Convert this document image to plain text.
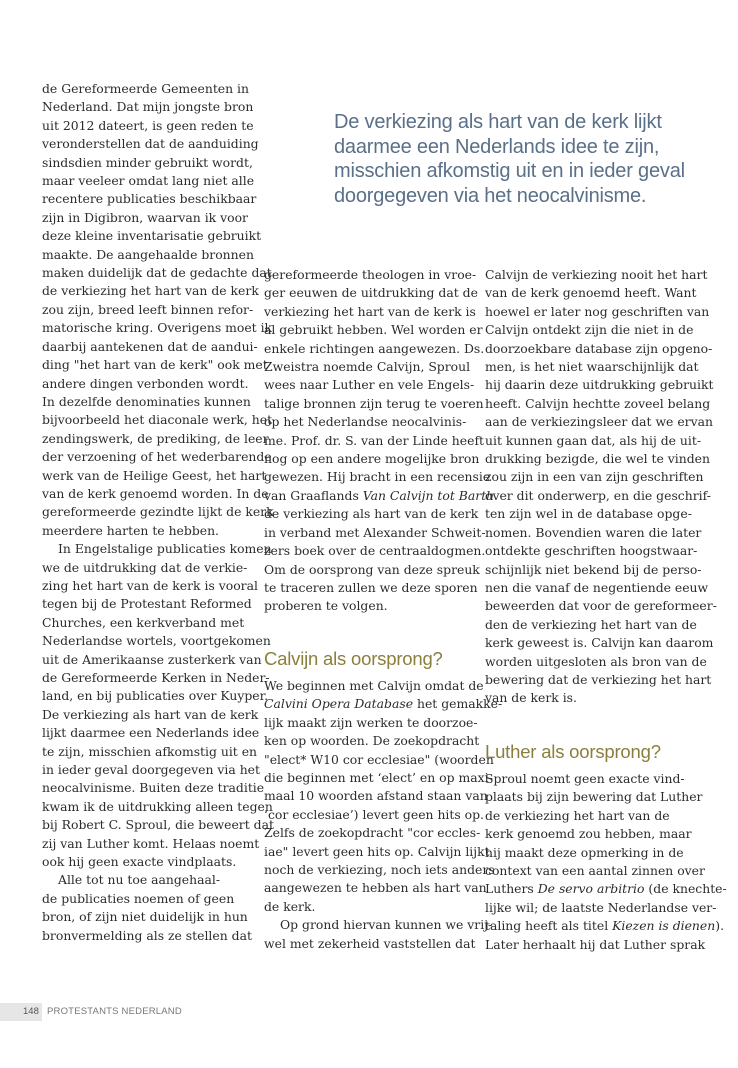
De verkiezing als hart van de kerk lijkt
daarmee een Nederlands idee te zijn,
misschien afkomstig uit en in ieder geval
doorgegeven via het neocalvinisme.
de Gereformeerde Gemeenten in
Nederland. Dat mijn jongste bron
uit 2012 dateert, is geen reden te
veronderstellen dat de aanduiding
sindsdien minder gebruikt wordt,
maar veeleer omdat lang niet alle
recentere publicaties beschikbaar
zijn in Digibron, waarvan ik voor
deze kleine inventarisatie gebruikt
maakte. De aangehaalde bronnen
maken duidelijk dat de gedachte dat
de verkiezing het hart van de kerk
zou zijn, breed leeft binnen refor-
matorische kring. Overigens moet ik
daarbij aantekenen dat de aandui-
ding "het hart van de kerk" ook met
andere dingen verbonden wordt.
In dezelfde denominaties kunnen
bijvoorbeeld het diaconale werk, het
zendingswerk, de prediking, de leer
der verzoening of het wederbarende
werk van de Heilige Geest, het hart
van de kerk genoemd worden. In de
gereformeerde gezindte lijkt de kerk
meerdere harten te hebben.
In Engelstalige publicaties komen
we de uitdrukking dat de verkie-
zing het hart van de kerk is vooral
tegen bij de Protestant Reformed
Churches, een kerkverband met
Nederlandse wortels, voortgekomen
uit de Amerikaanse zusterkerk van
de Gereformeerde Kerken in Neder-
land, en bij publicaties over Kuyper.
De verkiezing als hart van de kerk
lijkt daarmee een Nederlands idee
te zijn, misschien afkomstig uit en
in ieder geval doorgegeven via het
neocalvinisme. Buiten deze traditie
kwam ik de uitdrukking alleen tegen
bij Robert C. Sproul, die beweert dat
zij van Luther komt. Helaas noemt
ook hij geen exacte vindplaats.
Alle tot nu toe aangehaal-
de publicaties noemen of geen
bron, of zijn niet duidelijk in hun
bronvermelding als ze stellen dat
gereformeerde theologen in vroe-
ger eeuwen de uitdrukking dat de
verkiezing het hart van de kerk is
al gebruikt hebben. Wel worden er
enkele richtingen aangewezen. Ds.
Zweistra noemde Calvijn, Sproul
wees naar Luther en vele Engels-
talige bronnen zijn terug te voeren
op het Nederlandse neocalvinis-
me. Prof. dr. S. van der Linde heeft
nog op een andere mogelijke bron
gewezen. Hij bracht in een recensie
van Graaflands Van Calvijn tot Barth
de verkiezing als hart van de kerk
in verband met Alexander Schweit-
zers boek over de centraaldogmen.
Om de oorsprong van deze spreuk
te traceren zullen we deze sporen
proberen te volgen.
Calvijn als oorsprong?
We beginnen met Calvijn omdat de
Calvini Opera Database het gemakke-
lijk maakt zijn werken te doorzoe-
ken op woorden. De zoekopdracht
"elect* W10 cor ecclesiae" (woorden
die beginnen met ‘elect’ en op maxi-
maal 10 woorden afstand staan van
‘cor ecclesiae’) levert geen hits op.
Zelfs de zoekopdracht "cor eccles-
iae" levert geen hits op. Calvijn lijkt
noch de verkiezing, noch iets anders
aangewezen te hebben als hart van
de kerk.
Op grond hiervan kunnen we vrij-
wel met zekerheid vaststellen dat
Calvijn de verkiezing nooit het hart
van de kerk genoemd heeft. Want
hoewel er later nog geschriften van
Calvijn ontdekt zijn die niet in de
doorzoekbare database zijn opgeno-
men, is het niet waarschijnlijk dat
hij daarin deze uitdrukking gebruikt
heeft. Calvijn hechtte zoveel belang
aan de verkiezingsleer dat we ervan
uit kunnen gaan dat, als hij de uit-
drukking bezigde, die wel te vinden
zou zijn in een van zijn geschriften
over dit onderwerp, en die geschrif-
ten zijn wel in de database opge-
nomen. Bovendien waren die later
ontdekte geschriften hoogstwaar-
schijnlijk niet bekend bij de perso-
nen die vanaf de negentiende eeuw
beweerden dat voor de gereformeer-
den de verkiezing het hart van de
kerk geweest is. Calvijn kan daarom
worden uitgesloten als bron van de
bewering dat de verkiezing het hart
van de kerk is.
Luther als oorsprong?
Sproul noemt geen exacte vind-
plaats bij zijn bewering dat Luther
de verkiezing het hart van de
kerk genoemd zou hebben, maar
hij maakt deze opmerking in de
context van een aantal zinnen over
Luthers De servo arbitrio (de knechte-
lijke wil; de laatste Nederlandse ver-
taling heeft als titel Kiezen is dienen).
Later herhaalt hij dat Luther sprak
148 PROTESTANTS NEDERLAND
